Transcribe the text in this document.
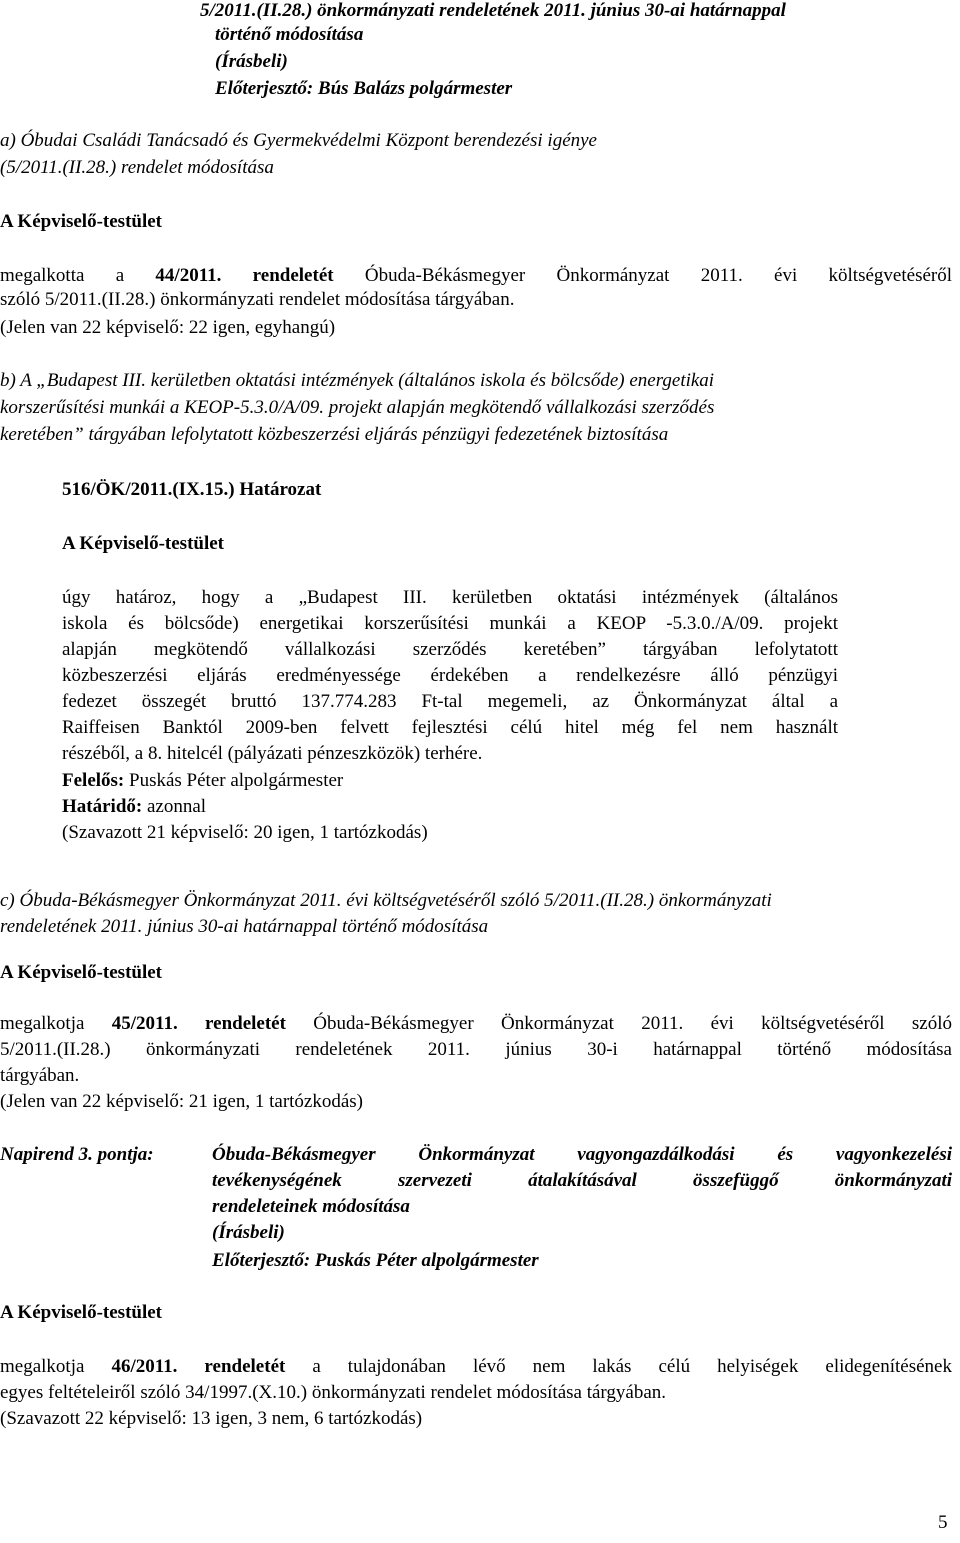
5/2011.(II.28.) önkormányzati rendeletének 2011. június 30-ai határnappal
történő módosítása
(Írásbeli)
Előterjesztő: Bús Balázs polgármester
a) Óbudai Családi Tanácsadó és Gyermekvédelmi Központ berendezési igénye
(5/2011.(II.28.) rendelet módosítása
A Képviselő-testület
megalkotta a 44/2011. rendeletét Óbuda-Békásmegyer Önkormányzat 2011. évi költségvetéséről
szóló 5/2011.(II.28.) önkormányzati rendelet módosítása tárgyában.
(Jelen van 22 képviselő: 22 igen, egyhangú)
b) A „Budapest III. kerületben oktatási intézmények (általános iskola és bölcsőde) energetikai
korszerűsítési munkái a KEOP-5.3.0/A/09. projekt alapján megkötendő vállalkozási szerződés
keretében” tárgyában lefolytatott közbeszerzési eljárás pénzügyi fedezetének biztosítása
516/ÖK/2011.(IX.15.) Határozat
A Képviselő-testület
úgy határoz, hogy a „Budapest III. kerületben oktatási intézmények (általános
iskola és bölcsőde) energetikai korszerűsítési munkái a KEOP -5.3.0./A/09. projekt
alapján megkötendő vállalkozási szerződés keretében” tárgyában lefolytatott
közbeszerzési eljárás eredményessége érdekében a rendelkezésre álló pénzügyi
fedezet összegét bruttó 137.774.283 Ft-tal megemeli, az Önkormányzat által a
Raiffeisen Banktól 2009-ben felvett fejlesztési célú hitel még fel nem használt
részéből, a 8. hitelcél (pályázati pénzeszközök) terhére.
Felelős: Puskás Péter alpolgármester
Határidő: azonnal
(Szavazott 21 képviselő: 20 igen, 1 tartózkodás)
c) Óbuda-Békásmegyer Önkormányzat 2011. évi költségvetéséről szóló 5/2011.(II.28.) önkormányzati
rendeletének 2011. június 30-ai határnappal történő módosítása
A Képviselő-testület
megalkotja 45/2011. rendeletét Óbuda-Békásmegyer Önkormányzat 2011. évi költségvetéséről szóló
5/2011.(II.28.) önkormányzati rendeletének 2011. június 30-i határnappal történő módosítása
tárgyában.
(Jelen van 22 képviselő: 21 igen, 1 tartózkodás)
Napirend 3. pontja:	Óbuda-Békásmegyer Önkormányzat vagyongazdálkodási és vagyonkezelési
tevékenységének szervezeti átalakításával összefüggő önkormányzati
rendeleteinek módosítása
(Írásbeli)
Előterjesztő: Puskás Péter alpolgármester
A Képviselő-testület
megalkotja 46/2011. rendeletét a tulajdonában lévő nem lakás célú helyiségek elidegenítésének
egyes feltételeiről szóló 34/1997.(X.10.) önkormányzati rendelet módosítása tárgyában.
(Szavazott 22 képviselő: 13 igen, 3 nem, 6 tartózkodás)
5
